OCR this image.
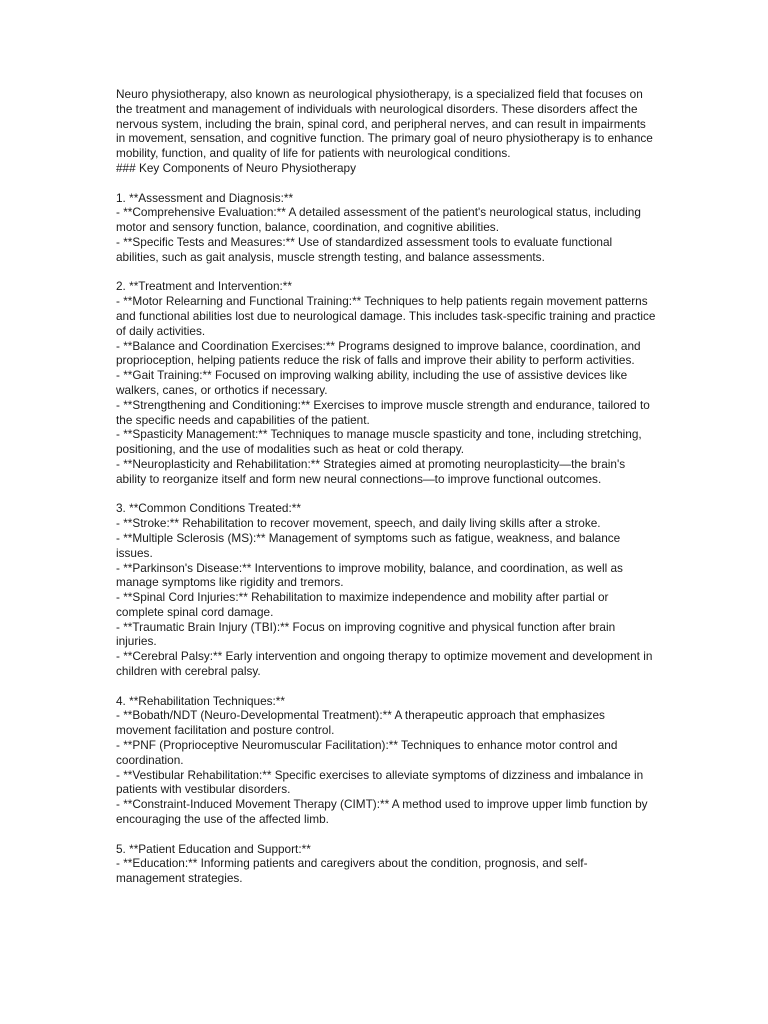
Neuro physiotherapy, also known as neurological physiotherapy, is a specialized field that focuses on the treatment and management of individuals with neurological disorders. These disorders affect the nervous system, including the brain, spinal cord, and peripheral nerves, and can result in impairments in movement, sensation, and cognitive function. The primary goal of neuro physiotherapy is to enhance mobility, function, and quality of life for patients with neurological conditions.

### Key Components of Neuro Physiotherapy

1. **Assessment and Diagnosis:**

- **Comprehensive Evaluation:** A detailed assessment of the patient's neurological status, including motor and sensory function, balance, coordination, and cognitive abilities.

- **Specific Tests and Measures:** Use of standardized assessment tools to evaluate functional abilities, such as gait analysis, muscle strength testing, and balance assessments.

2. **Treatment and Intervention:**

- **Motor Relearning and Functional Training:** Techniques to help patients regain movement patterns and functional abilities lost due to neurological damage. This includes task-specific training and practice of daily activities.

- **Balance and Coordination Exercises:** Programs designed to improve balance, coordination, and proprioception, helping patients reduce the risk of falls and improve their ability to perform activities.

- **Gait Training:** Focused on improving walking ability, including the use of assistive devices like walkers, canes, or orthotics if necessary.

- **Strengthening and Conditioning:** Exercises to improve muscle strength and endurance, tailored to the specific needs and capabilities of the patient.

- **Spasticity Management:** Techniques to manage muscle spasticity and tone, including stretching, positioning, and the use of modalities such as heat or cold therapy.

- **Neuroplasticity and Rehabilitation:** Strategies aimed at promoting neuroplasticity—the brain's ability to reorganize itself and form new neural connections—to improve functional outcomes.

3. **Common Conditions Treated:**

- **Stroke:** Rehabilitation to recover movement, speech, and daily living skills after a stroke.

- **Multiple Sclerosis (MS):** Management of symptoms such as fatigue, weakness, and balance issues.

- **Parkinson's Disease:** Interventions to improve mobility, balance, and coordination, as well as manage symptoms like rigidity and tremors.

- **Spinal Cord Injuries:** Rehabilitation to maximize independence and mobility after partial or complete spinal cord damage.

- **Traumatic Brain Injury (TBI):** Focus on improving cognitive and physical function after brain injuries.

- **Cerebral Palsy:** Early intervention and ongoing therapy to optimize movement and development in children with cerebral palsy.

4. **Rehabilitation Techniques:**

- **Bobath/NDT (Neuro-Developmental Treatment):** A therapeutic approach that emphasizes movement facilitation and posture control.

- **PNF (Proprioceptive Neuromuscular Facilitation):** Techniques to enhance motor control and coordination.

- **Vestibular Rehabilitation:** Specific exercises to alleviate symptoms of dizziness and imbalance in patients with vestibular disorders.

- **Constraint-Induced Movement Therapy (CIMT):** A method used to improve upper limb function by encouraging the use of the affected limb.

5. **Patient Education and Support:**

- **Education:** Informing patients and caregivers about the condition, prognosis, and self-management strategies.
